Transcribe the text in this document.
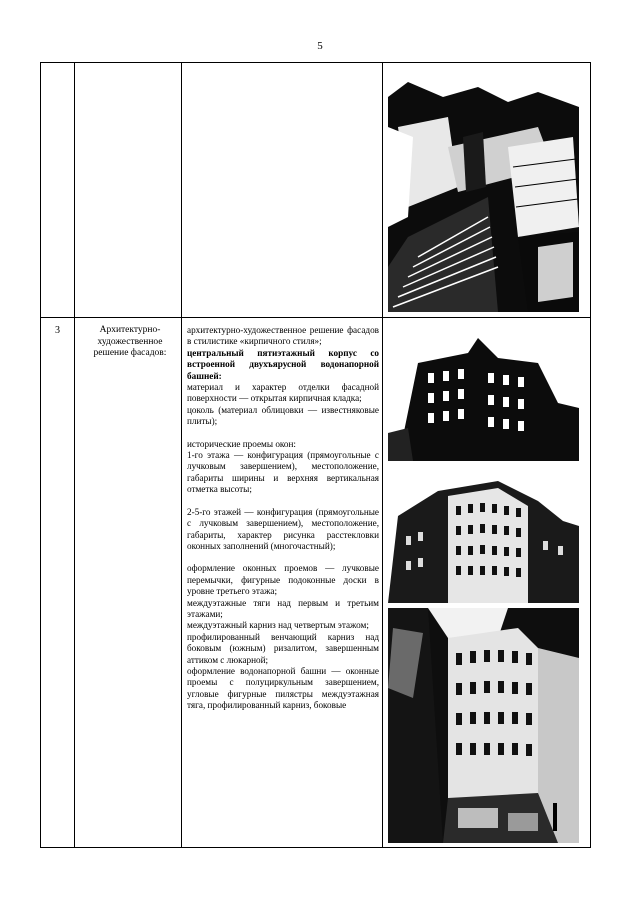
5
3	Архитектурно-художественное решение фасадов:

архитектурно-художественное решение фасадов в стилистике «кирпичного стиля»;

центральный пятиэтажный корпус со встроенной двухъярусной водонапорной башней:

материал и характер отделки фасадной поверхности — открытая кирпичная кладка;

цоколь (материал облицовки — известняковые плиты);

исторические проемы окон:

1-го этажа — конфигурация (прямоугольные с лучковым завершением), местоположение, габариты ширины и верхняя вертикальная отметка высоты;

2-5-го этажей — конфигурация (прямоугольные с лучковым завершением), местоположение, габариты, характер рисунка расстекловки оконных заполнений (многочастный);

оформление оконных проемов — лучковые перемычки, фигурные подоконные доски в уровне третьего этажа;

междуэтажные тяги над первым и третьим этажами;

междуэтажный карниз над четвертым этажом;

профилированный венчающий карниз над боковым (южным) ризалитом, завершенным аттиком с люкарной;

оформление водонапорной башни — оконные проемы с полуциркульным завершением, угловые фигурные пилястры междуэтажная тяга, профилированный карниз, боковые
